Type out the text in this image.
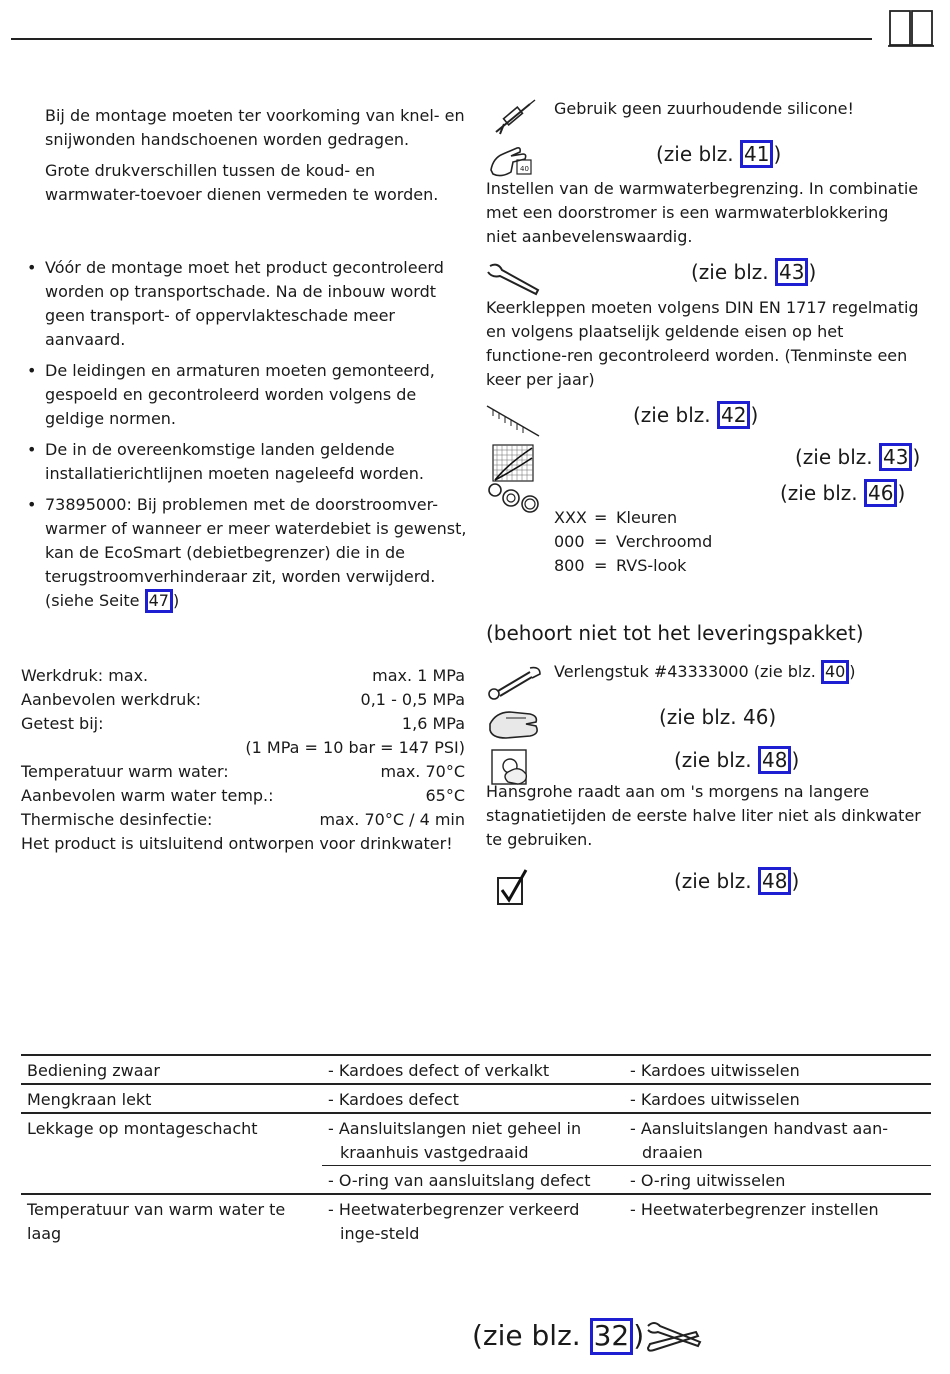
Bij de montage moeten ter voorkoming van knel- en snijwonden handschoenen worden gedragen.
Grote drukverschillen tussen de koud- en warmwater-toevoer dienen vermeden te worden.
• Vóór de montage moet het product gecontroleerd worden op transportschade. Na de inbouw wordt geen transport- of oppervlakteschade meer aanvaard.
• De leidingen en armaturen moeten gemonteerd, gespoeld en gecontroleerd worden volgens de geldige normen.
• De in de overeenkomstige landen geldende installatierichtlijnen moeten nageleefd worden.
• 73895000: Bij problemen met de doorstroomver-warmer of wanneer er meer waterdebiet is gewenst, kan de EcoSmart (debietbegrenzer) die in de terugstroomverhinderaar zit, worden verwijderd. (siehe Seite 47 )
Werkdruk: max.	max. 1 MPa
Aanbevolen werkdruk:	0,1 - 0,5 MPa
Getest bij:	1,6 MPa
(1 MPa = 10 bar = 147 PSI)
Temperatuur warm water:	max. 70°C
Aanbevolen warm water temp.:	65°C
Thermische desinfectie:	max. 70°C / 4 min
Het product is uitsluitend ontworpen voor drinkwater!
Gebruik geen zuurhoudende silicone!
40
(zie blz. 41 )
Instellen van de warmwaterbegrenzing. In combinatie met een doorstromer is een warmwaterblokkering niet aanbevelenswaardig.
(zie blz. 43 )
Keerkleppen moeten volgens DIN EN 1717 regelmatig en volgens plaatselijk geldende eisen op het functione-ren gecontroleerd worden. (Tenminste een keer per jaar)
(zie blz. 42 )
(zie blz. 43 )
(zie blz. 46 )
XXX = Kleuren
000 = Verchroomd
800 = RVS-look
(behoort niet tot het leveringspakket)
Verlengstuk #43333000 (zie blz. 40 )
(zie blz. 46)
(zie blz. 48 )
Hansgrohe raadt aan om 's morgens na langere stagnatietijden de eerste halve liter niet als dinkwater te gebruiken.
(zie blz. 48 )
Bediening zwaar	- Kardoes defect of verkalkt	- Kardoes uitwisselen

Mengkraan lekt	- Kardoes defect	- Kardoes uitwisselen

Lekkage op montageschacht	- Aansluitslangen niet geheel in kraanhuis vastgedraaid	- Aansluitslangen handvast aan-draaien

	- O-ring van aansluitslang defect	- O-ring uitwisselen

Temperatuur van warm water te laag	- Heetwaterbegrenzer verkeerd inge-steld	- Heetwaterbegrenzer instellen
(zie blz. 32 )
